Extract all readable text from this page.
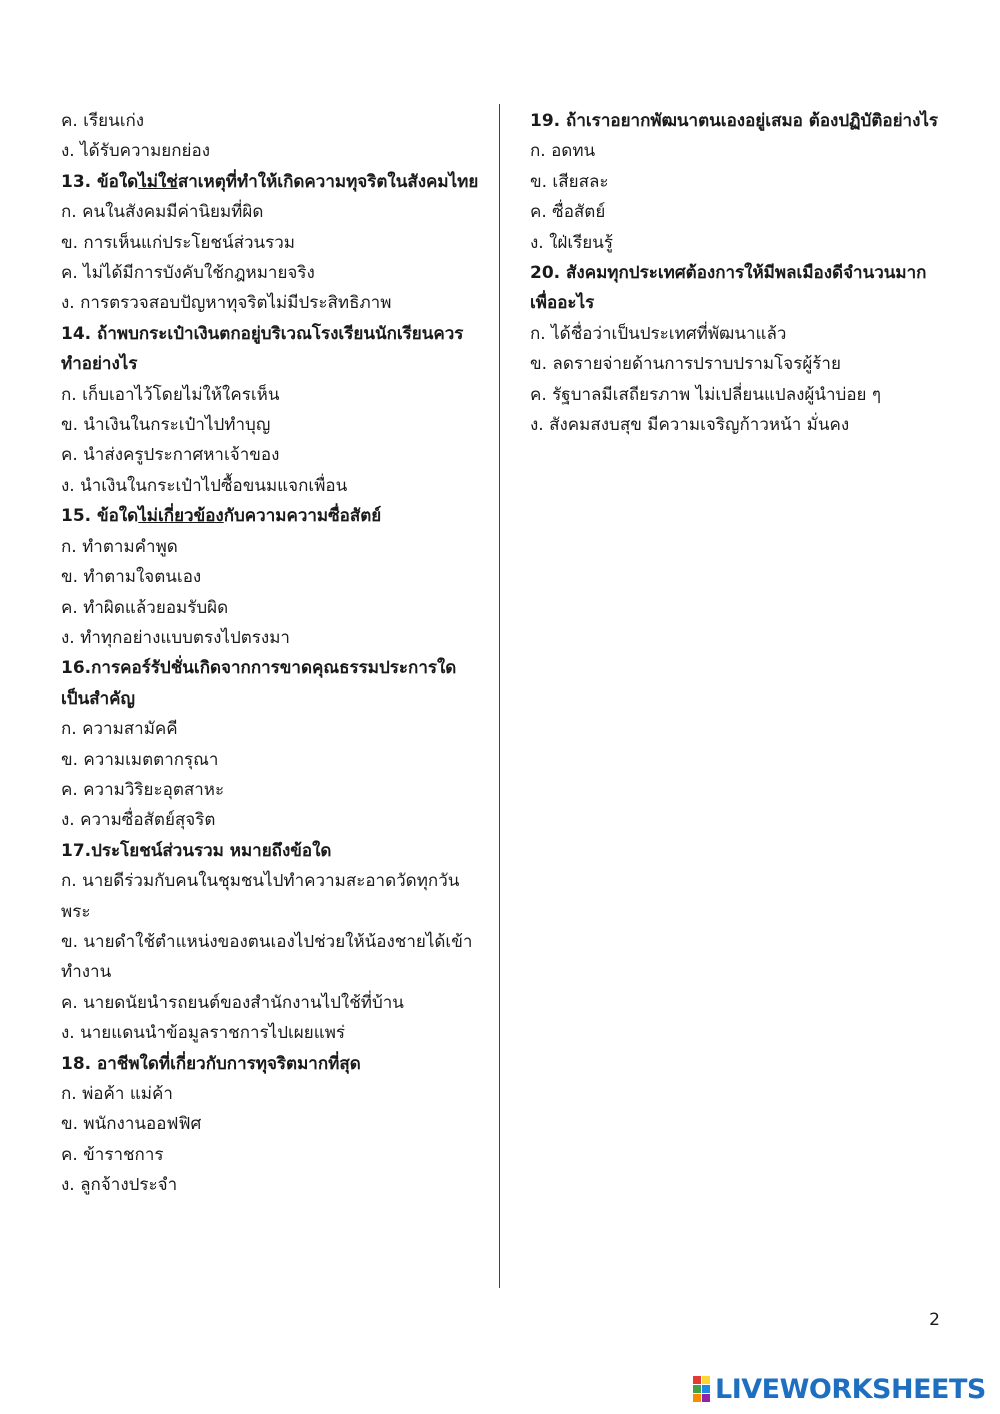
ค. เรียนเก่ง
ง. ได้รับความยกย่อง
13. ข้อใดไม่ใช่สาเหตุที่ทำให้เกิดความทุจริตในสังคมไทย
ก. คนในสังคมมีค่านิยมที่ผิด
ข. การเห็นแก่ประโยชน์ส่วนรวม
ค. ไม่ได้มีการบังคับใช้กฎหมายจริง
ง. การตรวจสอบปัญหาทุจริตไม่มีประสิทธิภาพ
14. ถ้าพบกระเป๋าเงินตกอยู่บริเวณโรงเรียนนักเรียนควร
ทำอย่างไร
ก. เก็บเอาไว้โดยไม่ให้ใครเห็น
ข. นำเงินในกระเป๋าไปทำบุญ
ค. นำส่งครูประกาศหาเจ้าของ
ง. นำเงินในกระเป๋าไปซื้อขนมแจกเพื่อน
15. ข้อใดไม่เกี่ยวข้องกับความความซื่อสัตย์
ก. ทำตามคำพูด
ข. ทำตามใจตนเอง
ค. ทำผิดแล้วยอมรับผิด
ง. ทำทุกอย่างแบบตรงไปตรงมา
16.การคอร์รัปชั่นเกิดจากการขาดคุณธรรมประการใด
เป็นสำคัญ
ก. ความสามัคคี
ข. ความเมตตากรุณา
ค. ความวิริยะอุตสาหะ
ง. ความซื่อสัตย์สุจริต
17.ประโยชน์ส่วนรวม หมายถึงข้อใด
ก. นายดีร่วมกับคนในชุมชนไปทำความสะอาดวัดทุกวัน
พระ
ข. นายดำใช้ตำแหน่งของตนเองไปช่วยให้น้องชายได้เข้า
ทำงาน
ค. นายดนัยนำรถยนต์ของสำนักงานไปใช้ที่บ้าน
ง. นายแดนนำข้อมูลราชการไปเผยแพร่
18. อาชีพใดที่เกี่ยวกับการทุจริตมากที่สุด
ก. พ่อค้า แม่ค้า
ข. พนักงานออฟฟิศ
ค. ข้าราชการ
ง. ลูกจ้างประจำ
19. ถ้าเราอยากพัฒนาตนเองอยู่เสมอ ต้องปฏิบัติอย่างไร
ก. อดทน
ข. เสียสละ
ค. ซื่อสัตย์
ง. ใฝ่เรียนรู้
20. สังคมทุกประเทศต้องการให้มีพลเมืองดีจำนวนมาก
เพื่ออะไร
ก. ได้ชื่อว่าเป็นประเทศที่พัฒนาแล้ว
ข. ลดรายจ่ายด้านการปราบปรามโจรผู้ร้าย
ค. รัฐบาลมีเสถียรภาพ ไม่เปลี่ยนแปลงผู้นำบ่อย ๆ
ง. สังคมสงบสุข มีความเจริญก้าวหน้า มั่นคง
2
LIVEWORKSHEETS
